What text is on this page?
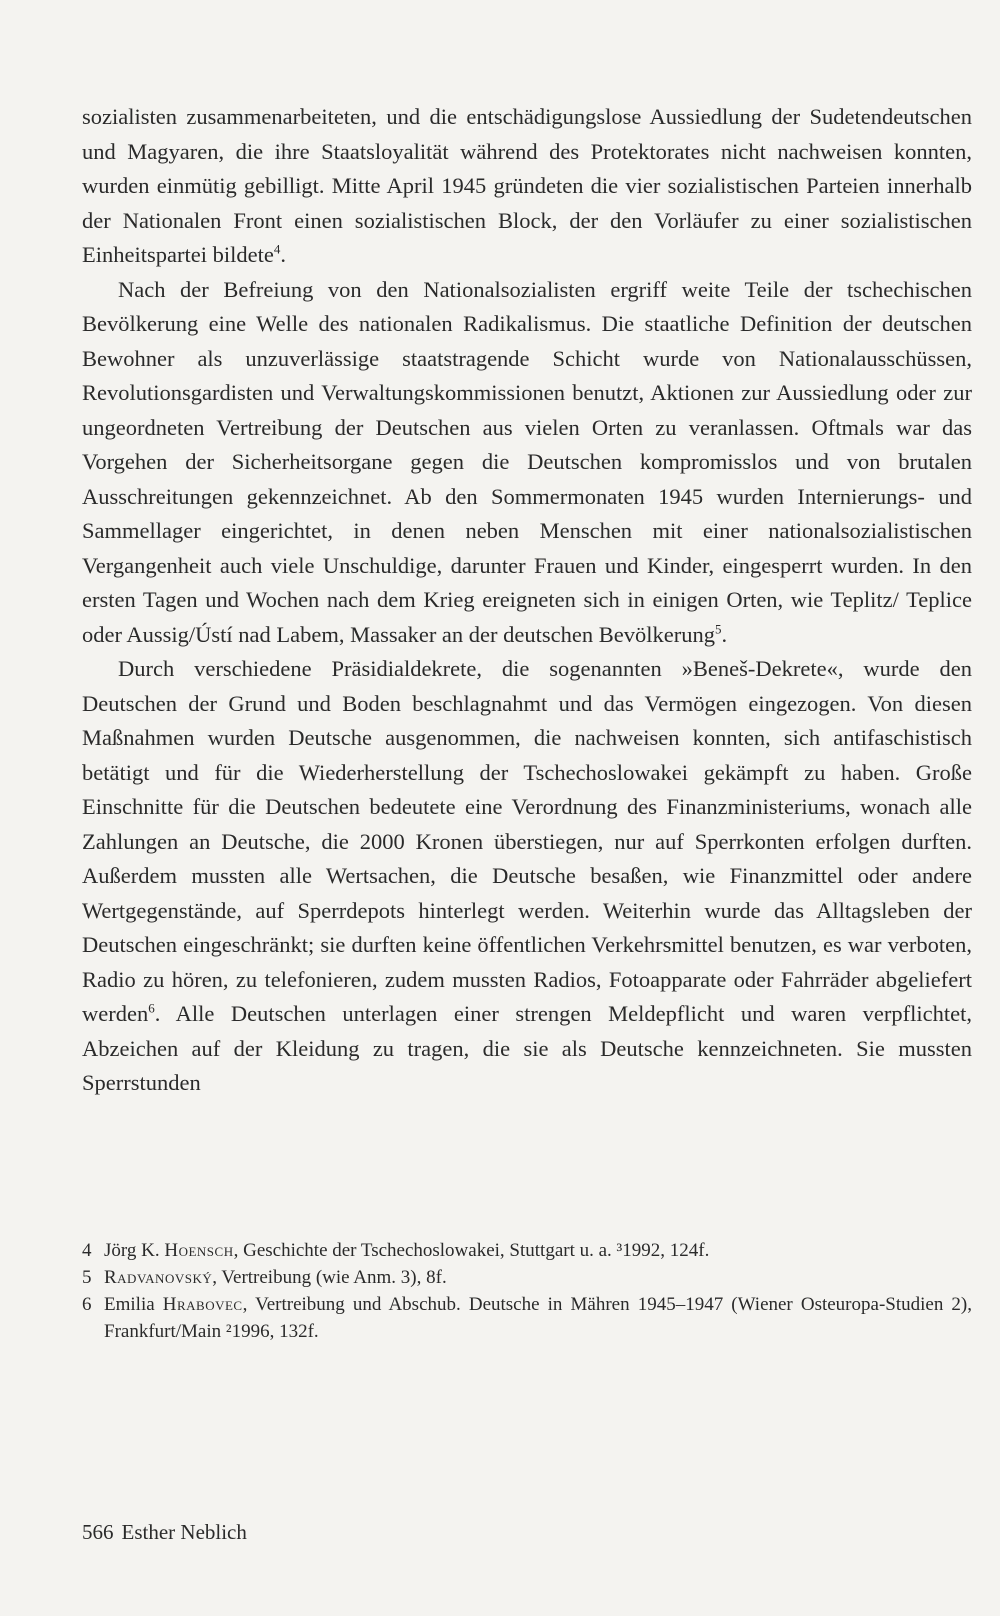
sozialisten zusammenarbeiteten, und die entschädigungslose Aussiedlung der Sudetendeutschen und Magyaren, die ihre Staatsloyalität während des Protektorates nicht nachweisen konnten, wurden einmütig gebilligt. Mitte April 1945 gründeten die vier sozialistischen Parteien innerhalb der Nationalen Front einen sozialistischen Block, der den Vorläufer zu einer sozialistischen Einheitspartei bildete$^4$.

Nach der Befreiung von den Nationalsozialisten ergriff weite Teile der tschechischen Bevölkerung eine Welle des nationalen Radikalismus. Die staatliche Definition der deutschen Bewohner als unzuverlässige staatstragende Schicht wurde von Nationalausschüssen, Revolutionsgardisten und Verwaltungskommissionen benutzt, Aktionen zur Aussiedlung oder zur ungeordneten Vertreibung der Deutschen aus vielen Orten zu veranlassen. Oftmals war das Vorgehen der Sicherheitsorgane gegen die Deutschen kompromisslos und von brutalen Ausschreitungen gekennzeichnet. Ab den Sommermonaten 1945 wurden Internierungs- und Sammellager eingerichtet, in denen neben Menschen mit einer nationalsozialistischen Vergangenheit auch viele Unschuldige, darunter Frauen und Kinder, eingesperrt wurden. In den ersten Tagen und Wochen nach dem Krieg ereigneten sich in einigen Orten, wie Teplitz/ Teplice oder Aussig/Ústí nad Labem, Massaker an der deutschen Bevölkerung$^5$.

Durch verschiedene Präsidialdekrete, die sogenannten »Beneš-Dekrete«, wurde den Deutschen der Grund und Boden beschlagnahmt und das Vermögen eingezogen. Von diesen Maßnahmen wurden Deutsche ausgenommen, die nachweisen konnten, sich antifaschistisch betätigt und für die Wiederherstellung der Tschechoslowakei gekämpft zu haben. Große Einschnitte für die Deutschen bedeutete eine Verordnung des Finanzministeriums, wonach alle Zahlungen an Deutsche, die 2000 Kronen überstiegen, nur auf Sperrkonten erfolgen durften. Außerdem mussten alle Wertsachen, die Deutsche besaßen, wie Finanzmittel oder andere Wertgegenstände, auf Sperrdepots hinterlegt werden. Weiterhin wurde das Alltagsleben der Deutschen eingeschränkt; sie durften keine öffentlichen Verkehrsmittel benutzen, es war verboten, Radio zu hören, zu telefonieren, zudem mussten Radios, Fotoapparate oder Fahrräder abgeliefert werden$^6$. Alle Deutschen unterlagen einer strengen Meldepflicht und waren verpflichtet, Abzeichen auf der Kleidung zu tragen, die sie als Deutsche kennzeichneten. Sie mussten Sperrstunden

4 Jörg K. Hoensch, Geschichte der Tschechoslowakei, Stuttgart u. a. ³1992, 124f.

5 Radvanovský, Vertreibung (wie Anm. 3), 8f.

6 Emilia Hrabovec, Vertreibung und Abschub. Deutsche in Mähren 1945–1947 (Wiener Osteuropa-Studien 2), Frankfurt/Main ²1996, 132f.

566 Esther Neblich
